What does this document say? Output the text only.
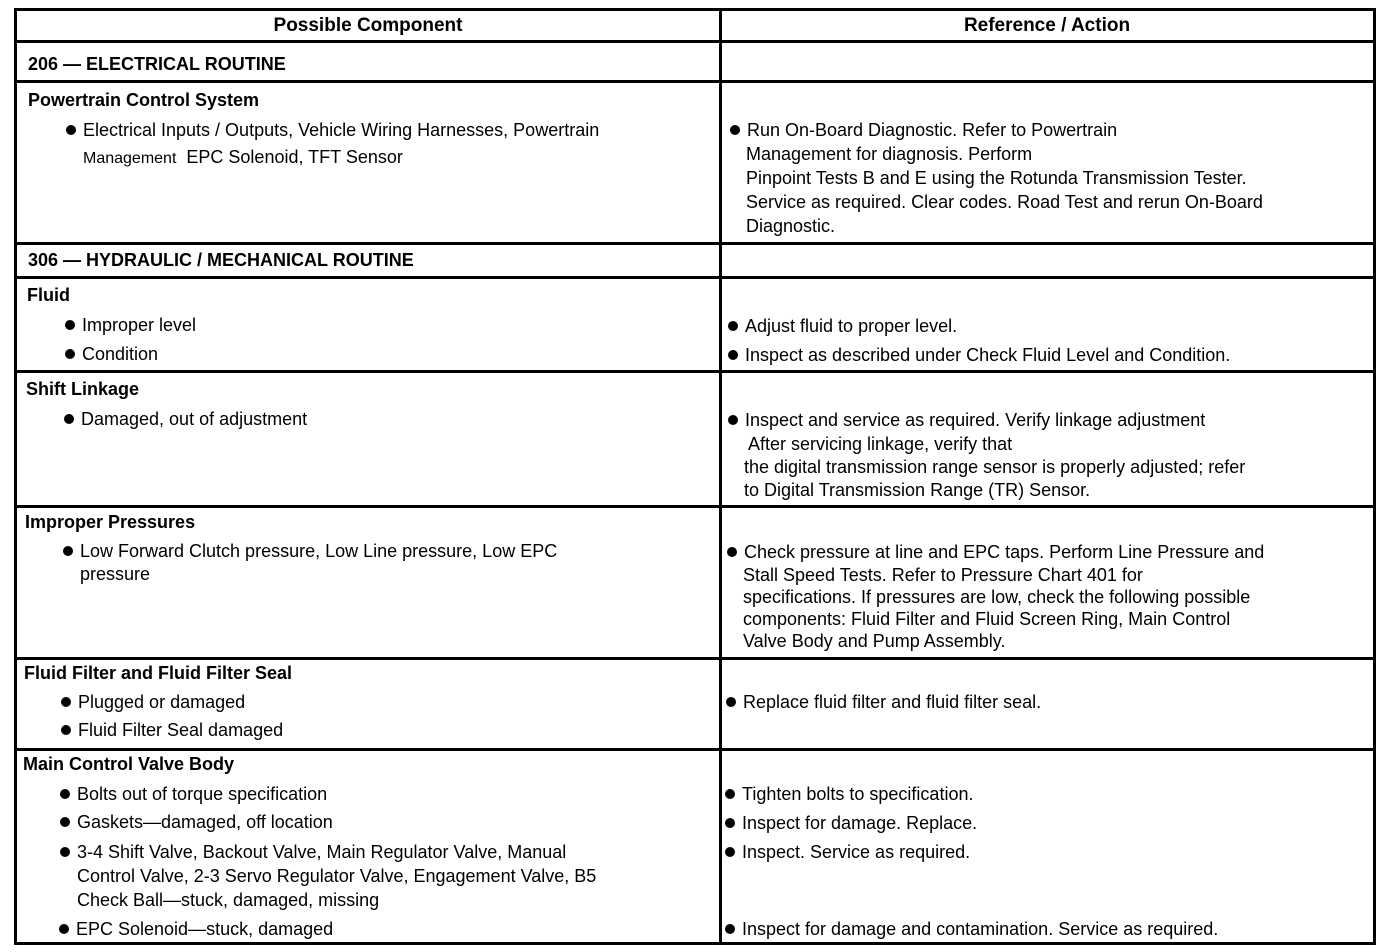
Possible Component	Reference / Action
206 — ELECTRICAL ROUTINE
Powertrain Control System
Electrical Inputs / Outputs, Vehicle Wiring Harnesses, Powertrain
Management EPC Solenoid, TFT Sensor
Run On-Board Diagnostic. Refer to Powertrain
Management for diagnosis. Perform
Pinpoint Tests B and E using the Rotunda Transmission Tester.
Service as required. Clear codes. Road Test and rerun On-Board
Diagnostic.
306 — HYDRAULIC / MECHANICAL ROUTINE
Fluid
Improper level
Condition
Adjust fluid to proper level.
Inspect as described under Check Fluid Level and Condition.
Shift Linkage
Damaged, out of adjustment	Inspect and service as required. Verify linkage adjustment
After servicing linkage, verify that
the digital transmission range sensor is properly adjusted; refer
to Digital Transmission Range (TR) Sensor.
Improper Pressures
Low Forward Clutch pressure, Low Line pressure, Low EPC
pressure
Check pressure at line and EPC taps. Perform Line Pressure and
Stall Speed Tests. Refer to Pressure Chart 401 for
specifications. If pressures are low, check the following possible
components: Fluid Filter and Fluid Screen Ring, Main Control
Valve Body and Pump Assembly.
Fluid Filter and Fluid Filter Seal
Plugged or damaged
Fluid Filter Seal damaged
Replace fluid filter and fluid filter seal.
Main Control Valve Body
Bolts out of torque specification
Gaskets—damaged, off location
3-4 Shift Valve, Backout Valve, Main Regulator Valve, Manual
Control Valve, 2-3 Servo Regulator Valve, Engagement Valve, B5
Check Ball—stuck, damaged, missing
EPC Solenoid—stuck, damaged
Tighten bolts to specification.
Inspect for damage. Replace.
Inspect. Service as required.
Inspect for damage and contamination. Service as required.
